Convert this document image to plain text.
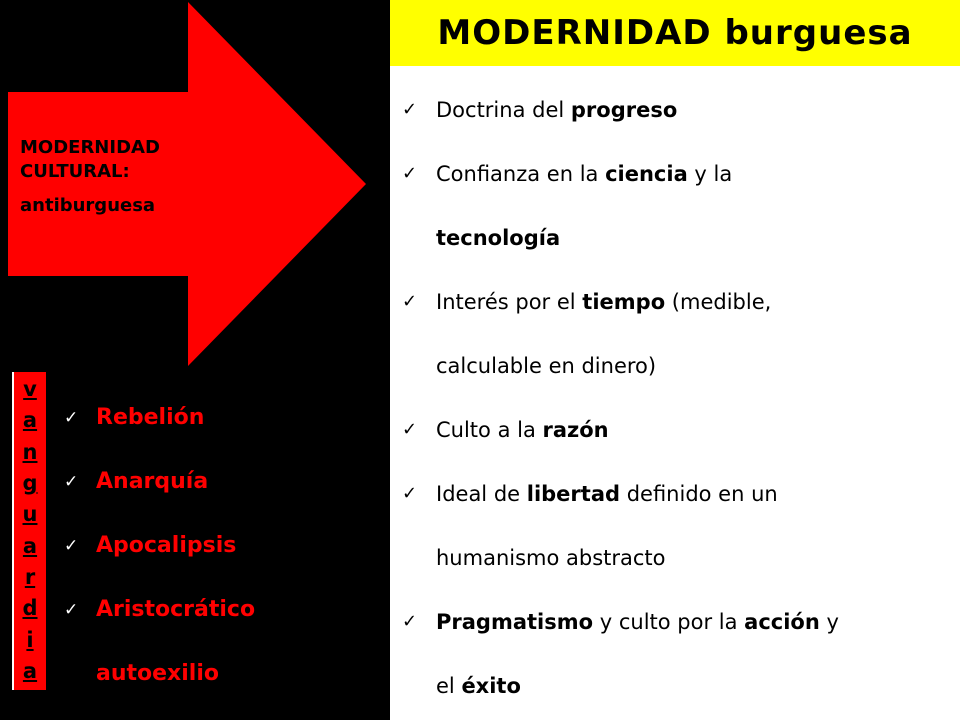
MODERNIDAD CULTURAL:
antiburguesa
v
a
n
g
u
a
r
d
i
a
✓ Rebelión
✓ Anarquía
✓ Apocalipsis
✓ Aristocrático
autoexilio
MODERNIDAD burguesa
✓ Doctrina del progreso
✓ Confianza en la ciencia y la
tecnología
✓ Interés por el tiempo (medible,
calculable en dinero)
✓ Culto a la razón
✓ Ideal de libertad definido en un
humanismo abstracto
✓ Pragmatismo y culto por la acción y
el éxito
